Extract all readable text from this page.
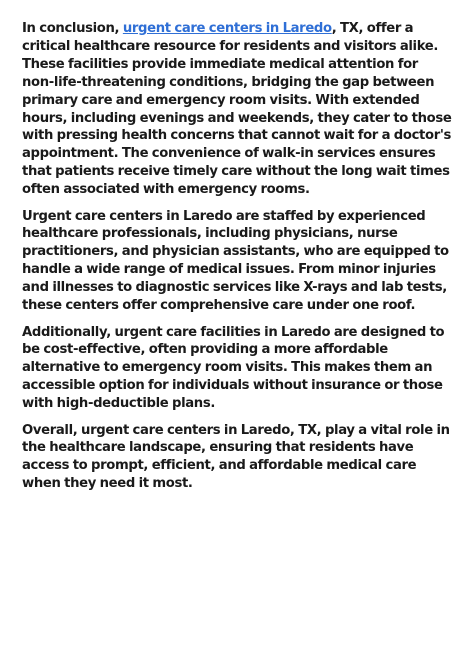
In conclusion, urgent care centers in Laredo, TX, offer a critical healthcare resource for residents and visitors alike. These facilities provide immediate medical attention for non-life-threatening conditions, bridging the gap between primary care and emergency room visits. With extended hours, including evenings and weekends, they cater to those with pressing health concerns that cannot wait for a doctor's appointment. The convenience of walk-in services ensures that patients receive timely care without the long wait times often associated with emergency rooms.

Urgent care centers in Laredo are staffed by experienced healthcare professionals, including physicians, nurse practitioners, and physician assistants, who are equipped to handle a wide range of medical issues. From minor injuries and illnesses to diagnostic services like X-rays and lab tests, these centers offer comprehensive care under one roof.

Additionally, urgent care facilities in Laredo are designed to be cost-effective, often providing a more affordable alternative to emergency room visits. This makes them an accessible option for individuals without insurance or those with high-deductible plans.

Overall, urgent care centers in Laredo, TX, play a vital role in the healthcare landscape, ensuring that residents have access to prompt, efficient, and affordable medical care when they need it most.
